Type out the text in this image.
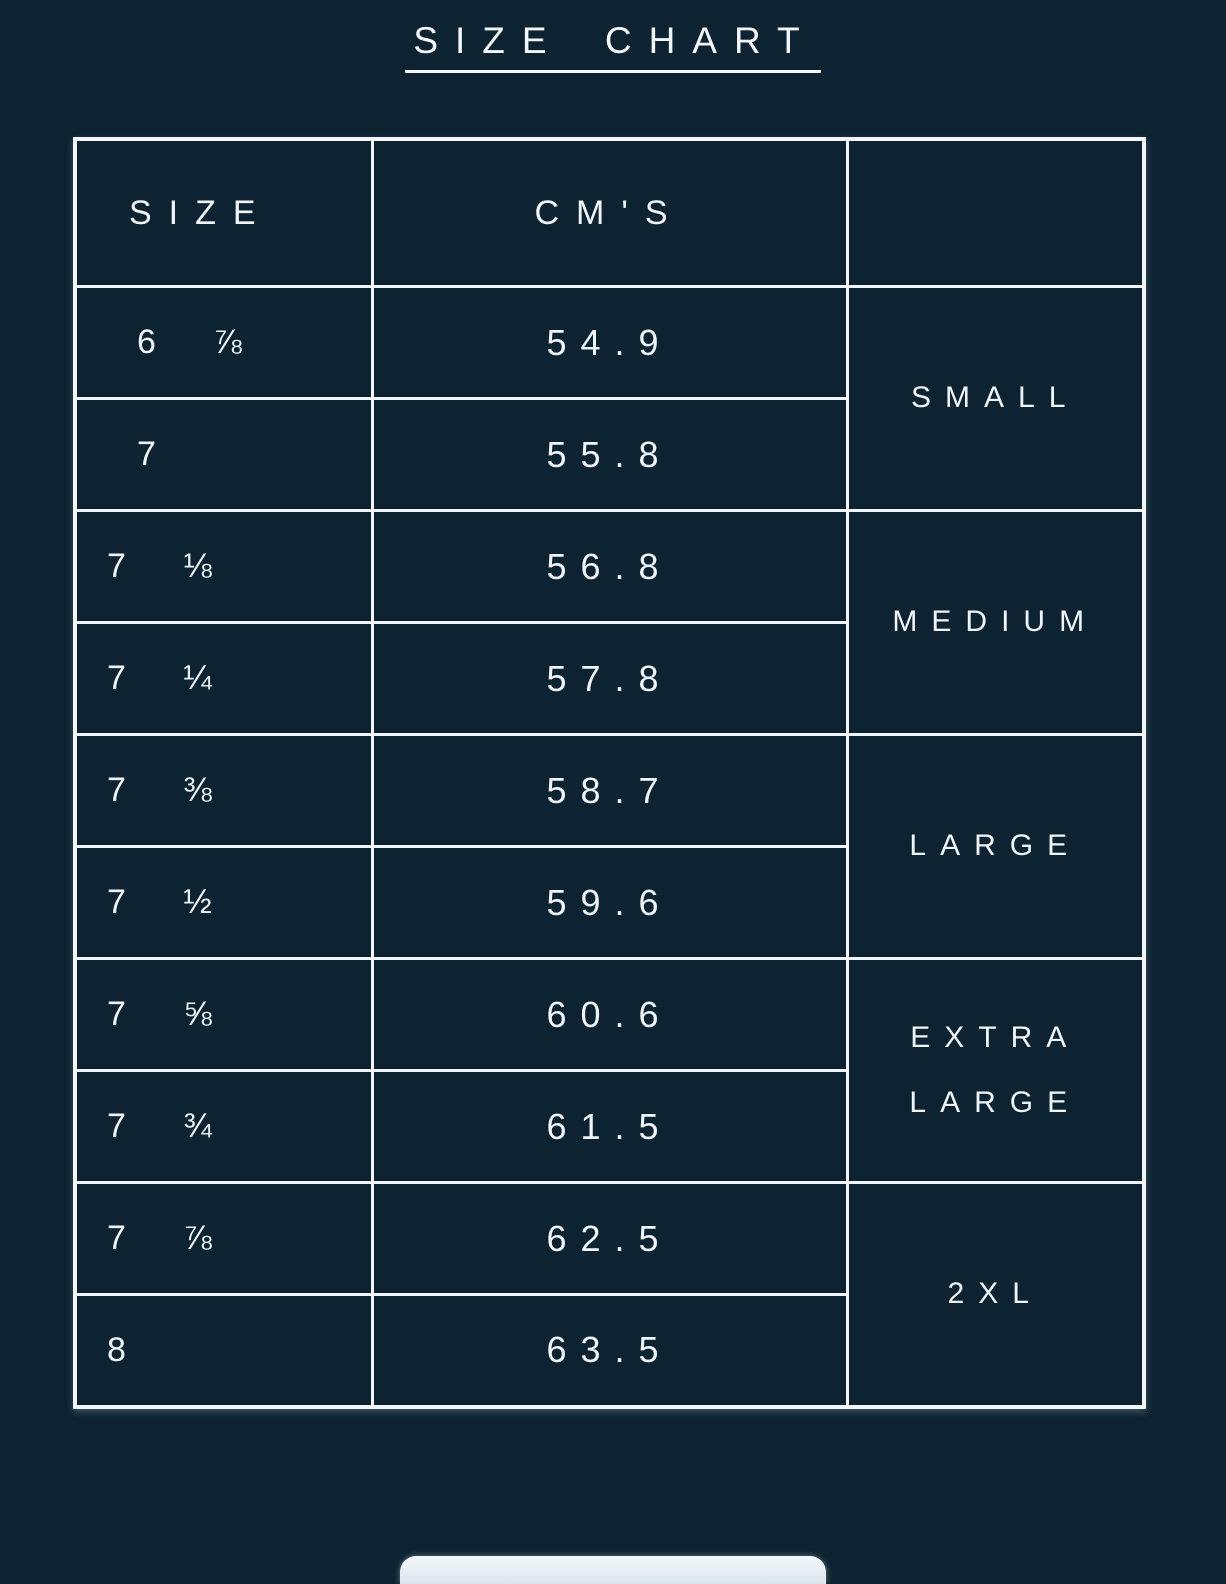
SIZE CHART
SIZE	CM'S	
6 ⅞	54.9	SMALL
7	55.8	
7 ⅛	56.8	MEDIUM
7 ¼	57.8	
7 ⅜	58.7	LARGE
7 ½	59.6	
7 ⅝	60.6	EXTRA LARGE
7 ¾	61.5	
7 ⅞	62.5	2XL
8	63.5	
